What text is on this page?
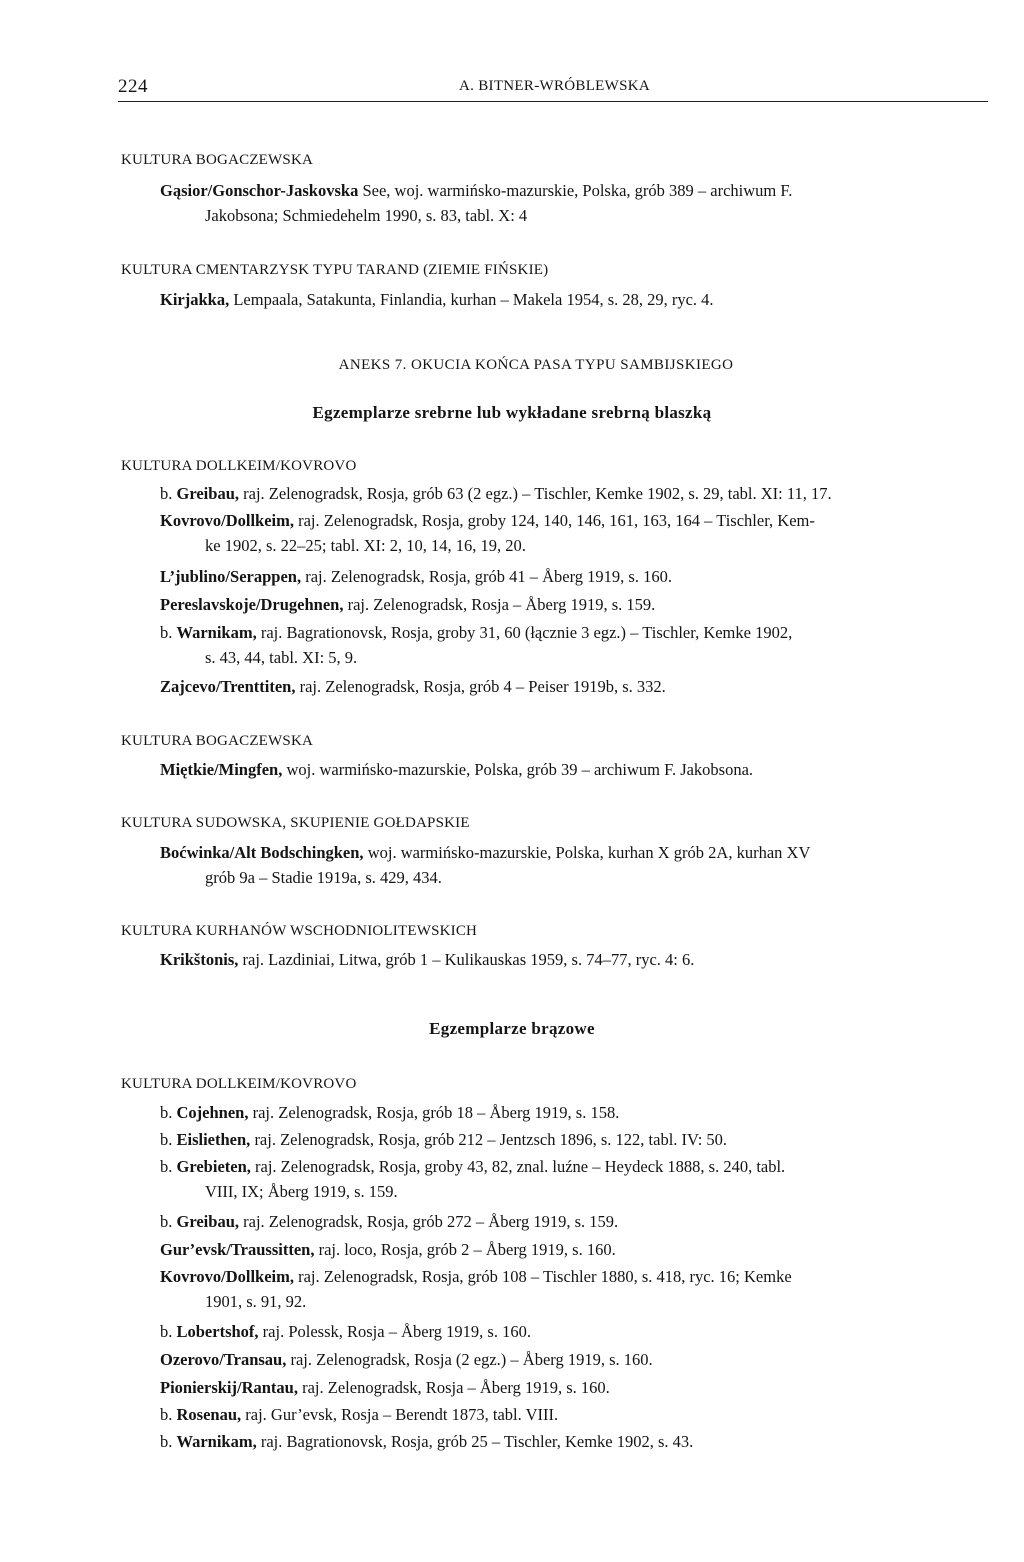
224	A. BITNER-WRÓBLEWSKA
KULTURA BOGACZEWSKA
Gąsior/Gonschor-Jaskovska See, woj. warmińsko-mazurskie, Polska, grób 389 – archiwum F.
Jakobsona; Schmiedehelm 1990, s. 83, tabl. X: 4
KULTURA CMENTARZYSK TYPU TARAND (ZIEMIE FIŃSKIE)
Kirjakka, Lempaala, Satakunta, Finlandia, kurhan – Makela 1954, s. 28, 29, ryc. 4.
ANEKS 7. OKUCIA KOŃCA PASA TYPU SAMBIJSKIEGO
Egzemplarze srebrne lub wykładane srebrną blaszką
KULTURA DOLLKEIM/KOVROVO
b. Greibau, raj. Zelenogradsk, Rosja, grób 63 (2 egz.) – Tischler, Kemke 1902, s. 29, tabl. XI: 11, 17.
Kovrovo/Dollkeim, raj. Zelenogradsk, Rosja, groby 124, 140, 146, 161, 163, 164 – Tischler, Kem-
ke 1902, s. 22–25; tabl. XI: 2, 10, 14, 16, 19, 20.
L’jublino/Serappen, raj. Zelenogradsk, Rosja, grób 41 – Åberg 1919, s. 160.
Pereslavskoje/Drugehnen, raj. Zelenogradsk, Rosja – Åberg 1919, s. 159.
b. Warnikam, raj. Bagrationovsk, Rosja, groby 31, 60 (łącznie 3 egz.) – Tischler, Kemke 1902,
s. 43, 44, tabl. XI: 5, 9.
Zajcevo/Trenttiten, raj. Zelenogradsk, Rosja, grób 4 – Peiser 1919b, s. 332.
KULTURA BOGACZEWSKA
Miętkie/Mingfen, woj. warmińsko-mazurskie, Polska, grób 39 – archiwum F. Jakobsona.
KULTURA SUDOWSKA, SKUPIENIE GOŁDAPSKIE
Boćwinka/Alt Bodschingken, woj. warmińsko-mazurskie, Polska, kurhan X grób 2A, kurhan XV
grób 9a – Stadie 1919a, s. 429, 434.
KULTURA KURHANÓW WSCHODNIOLITEWSKICH
Krikštonis, raj. Lazdiniai, Litwa, grób 1 – Kulikauskas 1959, s. 74–77, ryc. 4: 6.
Egzemplarze brązowe
KULTURA DOLLKEIM/KOVROVO
b. Cojehnen, raj. Zelenogradsk, Rosja, grób 18 – Åberg 1919, s. 158.
b. Eisliethen, raj. Zelenogradsk, Rosja, grób 212 – Jentzsch 1896, s. 122, tabl. IV: 50.
b. Grebieten, raj. Zelenogradsk, Rosja, groby 43, 82, znal. luźne – Heydeck 1888, s. 240, tabl.
VIII, IX; Åberg 1919, s. 159.
b. Greibau, raj. Zelenogradsk, Rosja, grób 272 – Åberg 1919, s. 159.
Gur’evsk/Traussitten, raj. loco, Rosja, grób 2 – Åberg 1919, s. 160.
Kovrovo/Dollkeim, raj. Zelenogradsk, Rosja, grób 108 – Tischler 1880, s. 418, ryc. 16; Kemke
1901, s. 91, 92.
b. Lobertshof, raj. Polessk, Rosja – Åberg 1919, s. 160.
Ozerovo/Transau, raj. Zelenogradsk, Rosja (2 egz.) – Åberg 1919, s. 160.
Pionierskij/Rantau, raj. Zelenogradsk, Rosja – Åberg 1919, s. 160.
b. Rosenau, raj. Gur’evsk, Rosja – Berendt 1873, tabl. VIII.
b. Warnikam, raj. Bagrationovsk, Rosja, grób 25 – Tischler, Kemke 1902, s. 43.
